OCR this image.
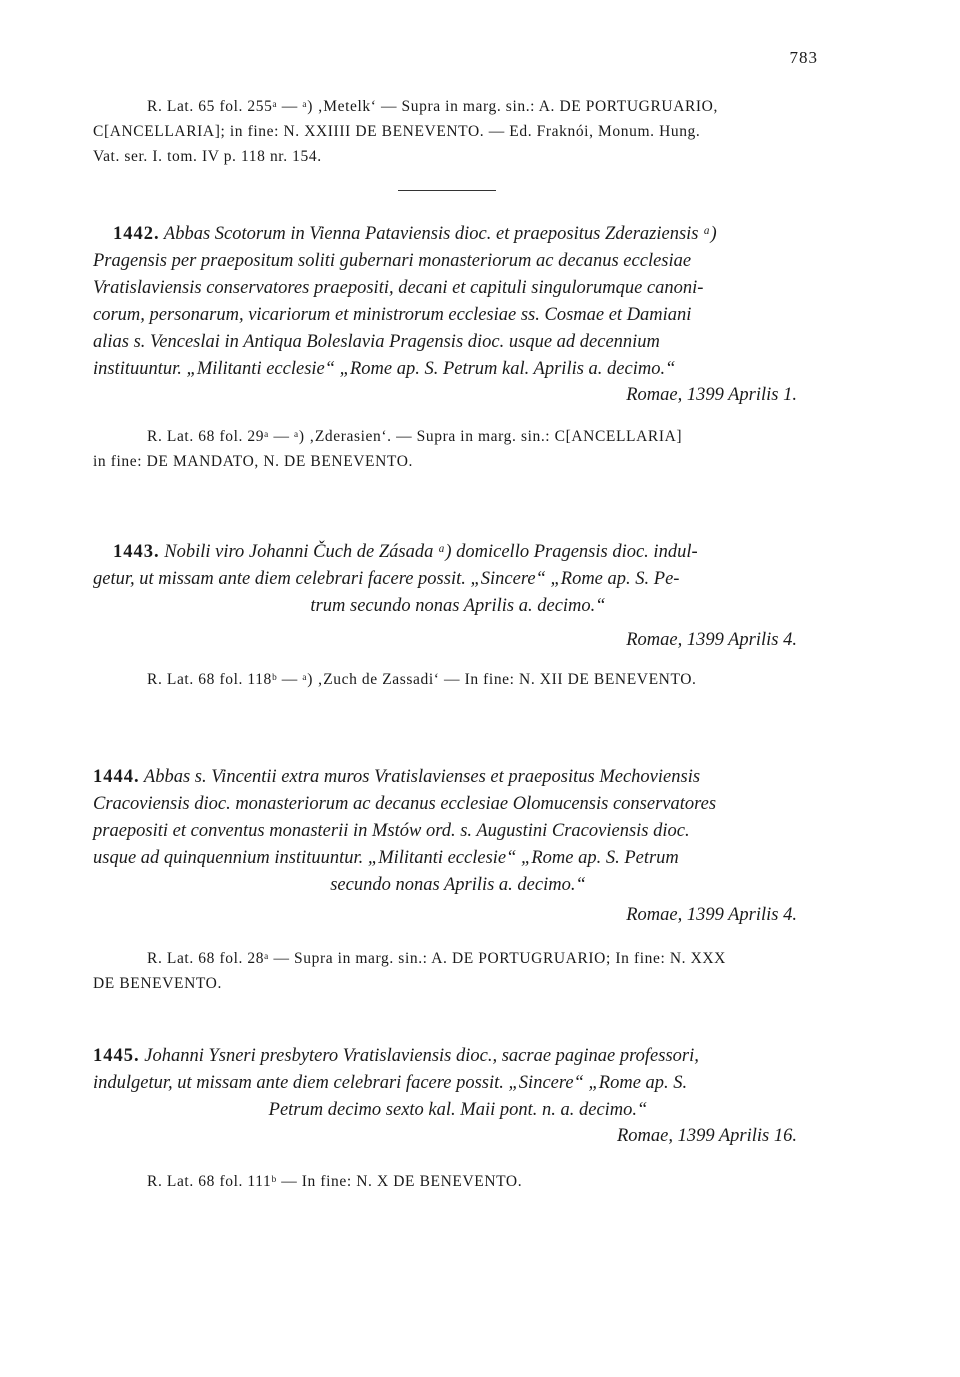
783
R. Lat. 65 fol. 255ᵃ — ᵃ) ‚Metelk‘ — Supra in marg. sin.: A. DE PORTUGRUARIO,
C[ANCELLARIA]; in fine: N. XXIIII DE BENEVENTO. — Ed. Fraknói, Monum. Hung.
Vat. ser. I. tom. IV p. 118 nr. 154.
1442. Abbas Scotorum in Vienna Pataviensis dioc. et praepositus Zderaziensis ᵃ)
Pragensis per praepositum soliti gubernari monasteriorum ac decanus ecclesiae
Vratislaviensis conservatores praepositi, decani et capituli singulorumque canoni-
corum, personarum, vicariorum et ministrorum ecclesiae ss. Cosmae et Damiani
alias s. Venceslai in Antiqua Boleslavia Pragensis dioc. usque ad decennium
instituuntur. „Militanti ecclesie“ „Rome ap. S. Petrum kal. Aprilis a. decimo.“
Romae, 1399 Aprilis 1.
R. Lat. 68 fol. 29ᵃ — ᵃ) ‚Zderasien‘. — Supra in marg. sin.: C[ANCELLARIA]
in fine: DE MANDATO, N. DE BENEVENTO.
1443. Nobili viro Johanni Čuch de Zásada ᵃ) domicello Pragensis dioc. indul-
getur, ut missam ante diem celebrari facere possit. „Sincere“ „Rome ap. S. Pe-
trum secundo nonas Aprilis a. decimo.“
Romae, 1399 Aprilis 4.
R. Lat. 68 fol. 118ᵇ — ᵃ) ‚Zuch de Zassadi‘ — In fine: N. XII DE BENEVENTO.
1444. Abbas s. Vincentii extra muros Vratislavienses et praepositus Mechoviensis
Cracoviensis dioc. monasteriorum ac decanus ecclesiae Olomucensis conservatores
praepositi et conventus monasterii in Mstów ord. s. Augustini Cracoviensis dioc.
usque ad quinquennium instituuntur. „Militanti ecclesie“ „Rome ap. S. Petrum
secundo nonas Aprilis a. decimo.“
Romae, 1399 Aprilis 4.
R. Lat. 68 fol. 28ᵃ — Supra in marg. sin.: A. DE PORTUGRUARIO; In fine: N. XXX
DE BENEVENTO.
1445. Johanni Ysneri presbytero Vratislaviensis dioc., sacrae paginae professori,
indulgetur, ut missam ante diem celebrari facere possit. „Sincere“ „Rome ap. S.
Petrum decimo sexto kal. Maii pont. n. a. decimo.“
Romae, 1399 Aprilis 16.
R. Lat. 68 fol. 111ᵇ — In fine: N. X DE BENEVENTO.
